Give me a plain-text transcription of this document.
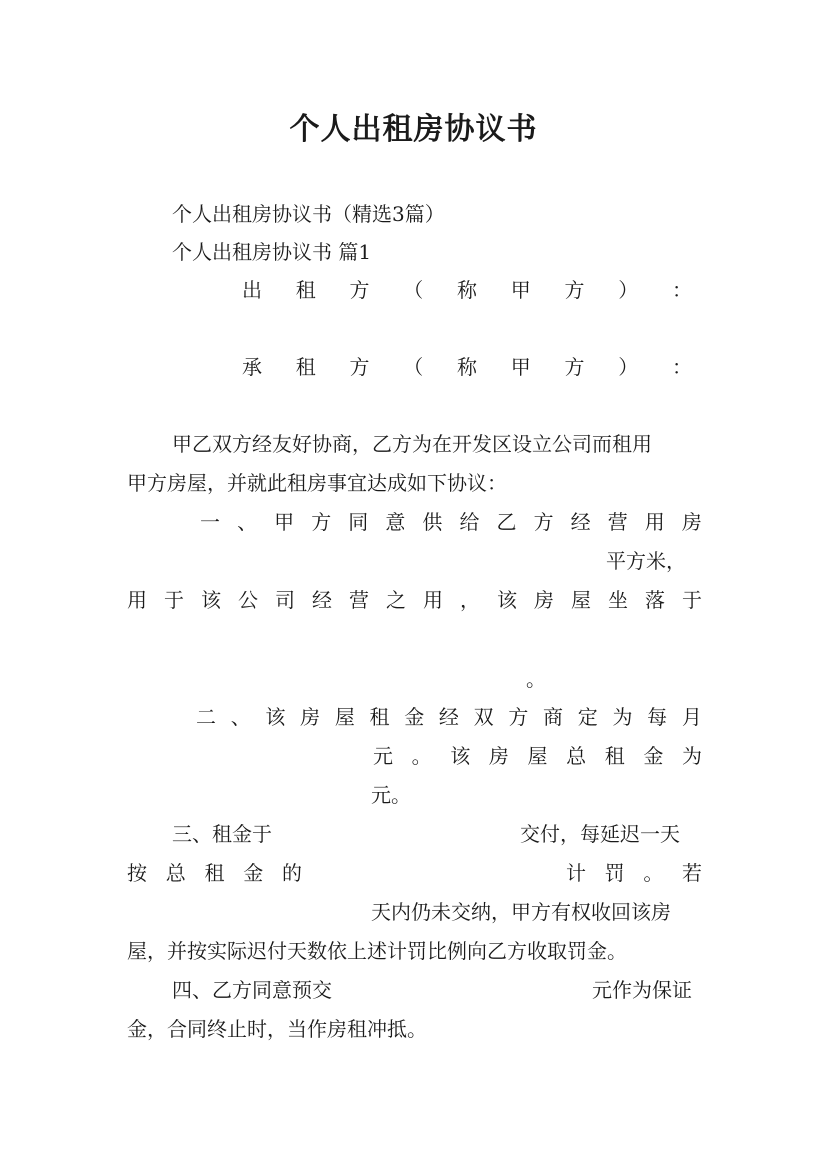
个人出租房协议书
个人出租房协议书（精选3篇）
个人出租房协议书 篇1
出 租 方 （ 称 甲 方 ） ：
承 租 方 （ 称 甲 方 ） ：
甲乙双方经友好协商，乙方为在开发区设立公司而租用
甲方房屋，并就此租房事宜达成如下协议：
一 、 甲 方 同 意 供 给 乙 方 经 营 用 房
平方米，
用 于 该 公 司 经 营 之 用 ， 该 房 屋 坐 落 于
。
二 、 该 房 屋 租 金 经 双 方 商 定 为 每 月
元 。 该 房 屋 总 租 金 为
元。
三、租金于	交付，每延迟一天
按 总 租 金 的	计 罚 。 若
天内仍未交纳，甲方有权收回该房
屋，并按实际迟付天数依上述计罚比例向乙方收取罚金。
四、乙方同意预交	元作为保证
金，合同终止时，当作房租冲抵。
